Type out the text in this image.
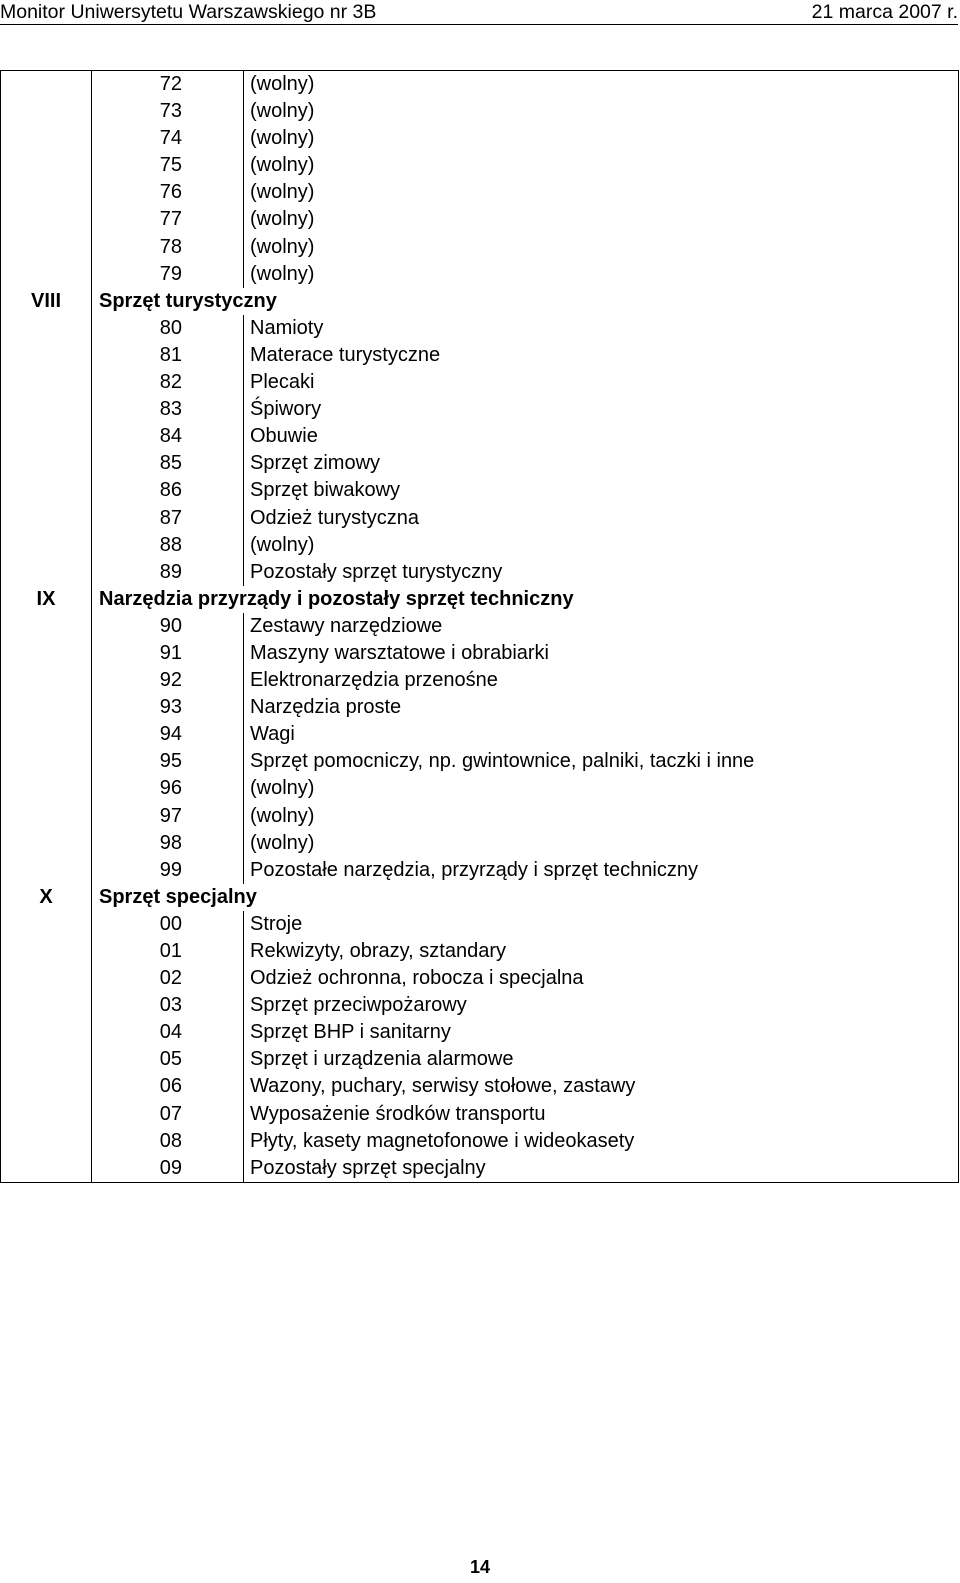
Monitor Uniwersytetu Warszawskiego nr 3B	21 marca 2007 r.
	72	(wolny)
	73	(wolny)
	74	(wolny)
	75	(wolny)
	76	(wolny)
	77	(wolny)
	78	(wolny)
	79	(wolny)
VIII	Sprzęt turystyczny	
	80	Namioty
	81	Materace turystyczne
	82	Plecaki
	83	Śpiwory
	84	Obuwie
	85	Sprzęt zimowy
	86	Sprzęt biwakowy
	87	Odzież turystyczna
	88	(wolny)
	89	Pozostały sprzęt turystyczny
IX	Narzędzia przyrządy i pozostały sprzęt techniczny	
	90	Zestawy narzędziowe
	91	Maszyny warsztatowe i obrabiarki
	92	Elektronarzędzia przenośne
	93	Narzędzia proste
	94	Wagi
	95	Sprzęt pomocniczy, np. gwintownice, palniki, taczki i inne
	96	(wolny)
	97	(wolny)
	98	(wolny)
	99	Pozostałe narzędzia, przyrządy i sprzęt techniczny
X	Sprzęt specjalny	
	00	Stroje
	01	Rekwizyty, obrazy, sztandary
	02	Odzież ochronna, robocza i specjalna
	03	Sprzęt przeciwpożarowy
	04	Sprzęt BHP i sanitarny
	05	Sprzęt i urządzenia alarmowe
	06	Wazony, puchary, serwisy stołowe, zastawy
	07	Wyposażenie środków transportu
	08	Płyty, kasety magnetofonowe i wideokasety
	09	Pozostały sprzęt specjalny
14
